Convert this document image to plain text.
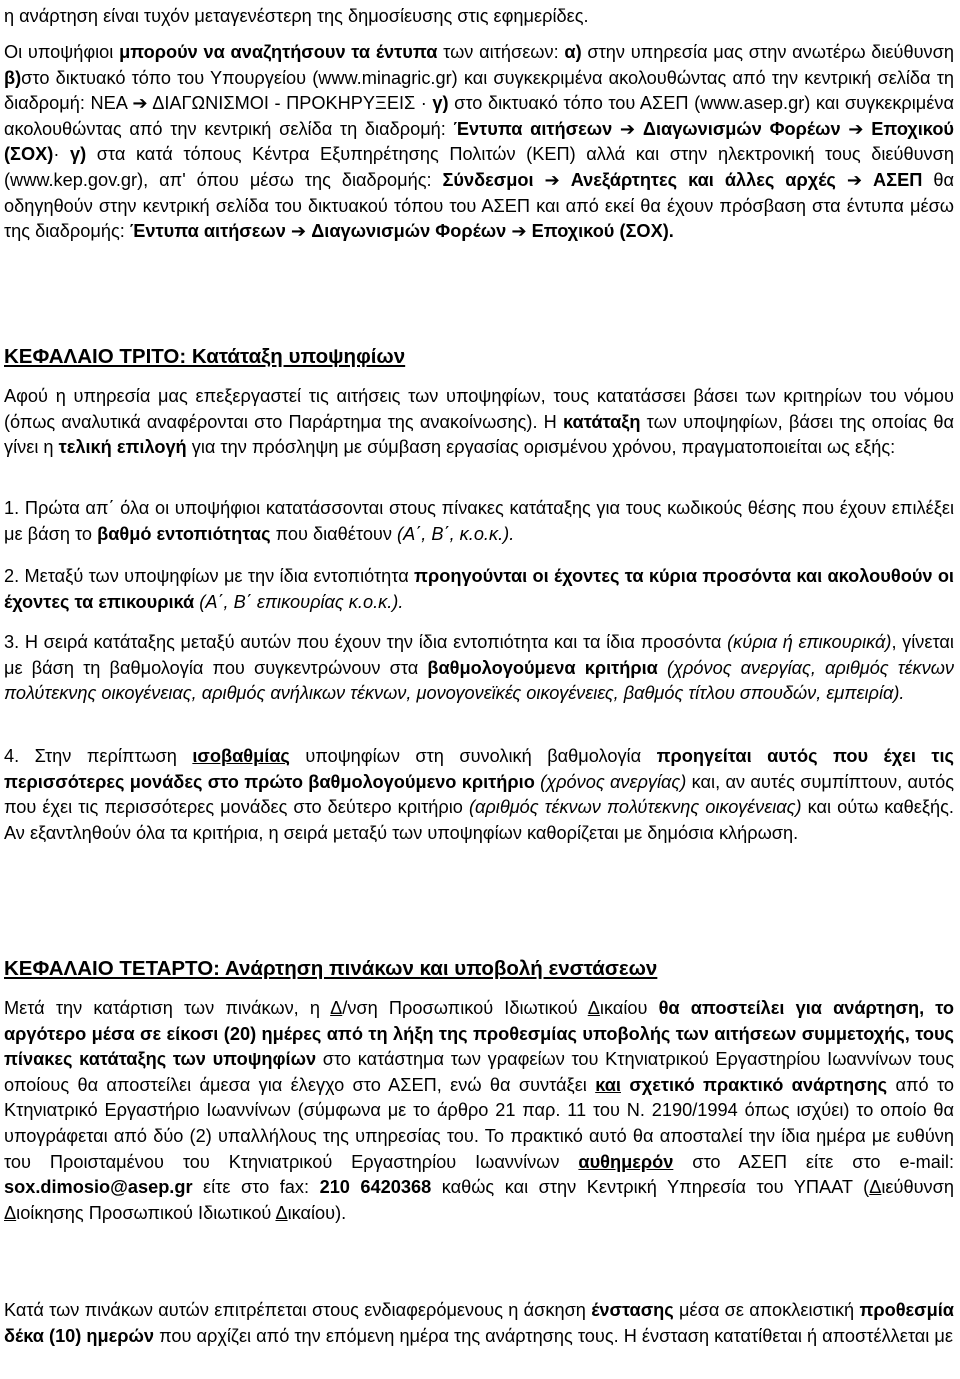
η ανάρτηση είναι τυχόν μεταγενέστερη της δημοσίευσης στις εφημερίδες.

Οι υποψήφιοι μπορούν να αναζητήσουν τα έντυπα των αιτήσεων: α) στην υπηρεσία μας στην ανωτέρω διεύθυνση β)στο δικτυακό τόπο του Υπουργείου (www.minagric.gr) και συγκεκριμένα ακολουθώντας από την κεντρική σελίδα τη διαδρομή: ΝΕΑ ➔ ΔΙΑΓΩΝΙΣΜΟΙ - ΠΡΟΚΗΡΥΞΕΙΣ · γ) στο δικτυακό τόπο του ΑΣΕΠ (www.asep.gr) και συγκεκριμένα ακολουθώντας από την κεντρική σελίδα τη διαδρομή: Έντυπα αιτήσεων ➔ Διαγωνισμών Φορέων ➔ Εποχικού (ΣΟΧ)· γ) στα κατά τόπους Κέντρα Εξυπηρέτησης Πολιτών (ΚΕΠ) αλλά και στην ηλεκτρονική τους διεύθυνση (www.kep.gov.gr), απ' όπου μέσω της διαδρομής: Σύνδεσμοι ➔ Ανεξάρτητες και άλλες αρχές ➔ ΑΣΕΠ θα οδηγηθούν στην κεντρική σελίδα του δικτυακού τόπου του ΑΣΕΠ και από εκεί θα έχουν πρόσβαση στα έντυπα μέσω της διαδρομής: Έντυπα αιτήσεων ➔ Διαγωνισμών Φορέων ➔ Εποχικού (ΣΟΧ).

ΚΕΦΑΛΑΙΟ ΤΡΙΤΟ: Κατάταξη υποψηφίων

Αφού η υπηρεσία μας επεξεργαστεί τις αιτήσεις των υποψηφίων, τους κατατάσσει βάσει των κριτηρίων του νόμου (όπως αναλυτικά αναφέρονται στο Παράρτημα της ανακοίνωσης). Η κατάταξη των υποψηφίων, βάσει της οποίας θα γίνει η τελική επιλογή για την πρόσληψη με σύμβαση εργασίας ορισμένου χρόνου, πραγματοποιείται ως εξής:

1. Πρώτα απ΄ όλα οι υποψήφιοι κατατάσσονται στους πίνακες κατάταξης για τους κωδικούς θέσης που έχουν επιλέξει με βάση το βαθμό εντοπιότητας που διαθέτουν (Α΄, Β΄, κ.ο.κ.).

2. Μεταξύ των υποψηφίων με την ίδια εντοπιότητα προηγούνται οι έχοντες τα κύρια προσόντα και ακολουθούν οι έχοντες τα επικουρικά (Α΄, Β΄ επικουρίας κ.ο.κ.).

3. Η σειρά κατάταξης μεταξύ αυτών που έχουν την ίδια εντοπιότητα και τα ίδια προσόντα (κύρια ή επικουρικά), γίνεται με βάση τη βαθμολογία που συγκεντρώνουν στα βαθμολογούμενα κριτήρια (χρόνος ανεργίας, αριθμός τέκνων πολύτεκνης οικογένειας, αριθμός ανήλικων τέκνων, μονογονεϊκές οικογένειες, βαθμός τίτλου σπουδών, εμπειρία).

4. Στην περίπτωση ισοβαθμίας υποψηφίων στη συνολική βαθμολογία προηγείται αυτός που έχει τις περισσότερες μονάδες στο πρώτο βαθμολογούμενο κριτήριο (χρόνος ανεργίας) και, αν αυτές συμπίπτουν, αυτός που έχει τις περισσότερες μονάδες στο δεύτερο κριτήριο (αριθμός τέκνων πολύτεκνης οικογένειας) και ούτω καθεξής. Αν εξαντληθούν όλα τα κριτήρια, η σειρά μεταξύ των υποψηφίων καθορίζεται με δημόσια κλήρωση.

ΚΕΦΑΛΑΙΟ ΤΕΤΑΡΤΟ: Ανάρτηση πινάκων και υποβολή ενστάσεων

Μετά την κατάρτιση των πινάκων, η Δ/νση Προσωπικού Ιδιωτικού Δικαίου θα αποστείλει για ανάρτηση, το αργότερο μέσα σε είκοσι (20) ημέρες από τη λήξη της προθεσμίας υποβολής των αιτήσεων συμμετοχής, τους πίνακες κατάταξης των υποψηφίων στο κατάστημα των γραφείων του Κτηνιατρικού Εργαστηρίου Ιωαννίνων τους οποίους θα αποστείλει άμεσα για έλεγχο στο ΑΣΕΠ, ενώ θα συντάξει και σχετικό πρακτικό ανάρτησης από το Κτηνιατρικό Εργαστήριο Ιωαννίνων (σύμφωνα με το άρθρο 21 παρ. 11 του Ν. 2190/1994 όπως ισχύει) το οποίο θα υπογράφεται από δύο (2) υπαλλήλους της υπηρεσίας του. Το πρακτικό αυτό θα αποσταλεί την ίδια ημέρα με ευθύνη του Προισταμένου του Κτηνιατρικού Εργαστηρίου Ιωαννίνων αυθημερόν στο ΑΣΕΠ είτε στο e-mail: sox.dimosio@asep.gr είτε στο fax: 210 6420368 καθώς και στην Κεντρική Υπηρεσία του ΥΠΑΑΤ (Διεύθυνση Διοίκησης Προσωπικού Ιδιωτικού Δικαίου).

Κατά των πινάκων αυτών επιτρέπεται στους ενδιαφερόμενους η άσκηση ένστασης μέσα σε αποκλειστική προθεσμία δέκα (10) ημερών που αρχίζει από την επόμενη ημέρα της ανάρτησης τους. Η ένσταση κατατίθεται ή αποστέλλεται με
